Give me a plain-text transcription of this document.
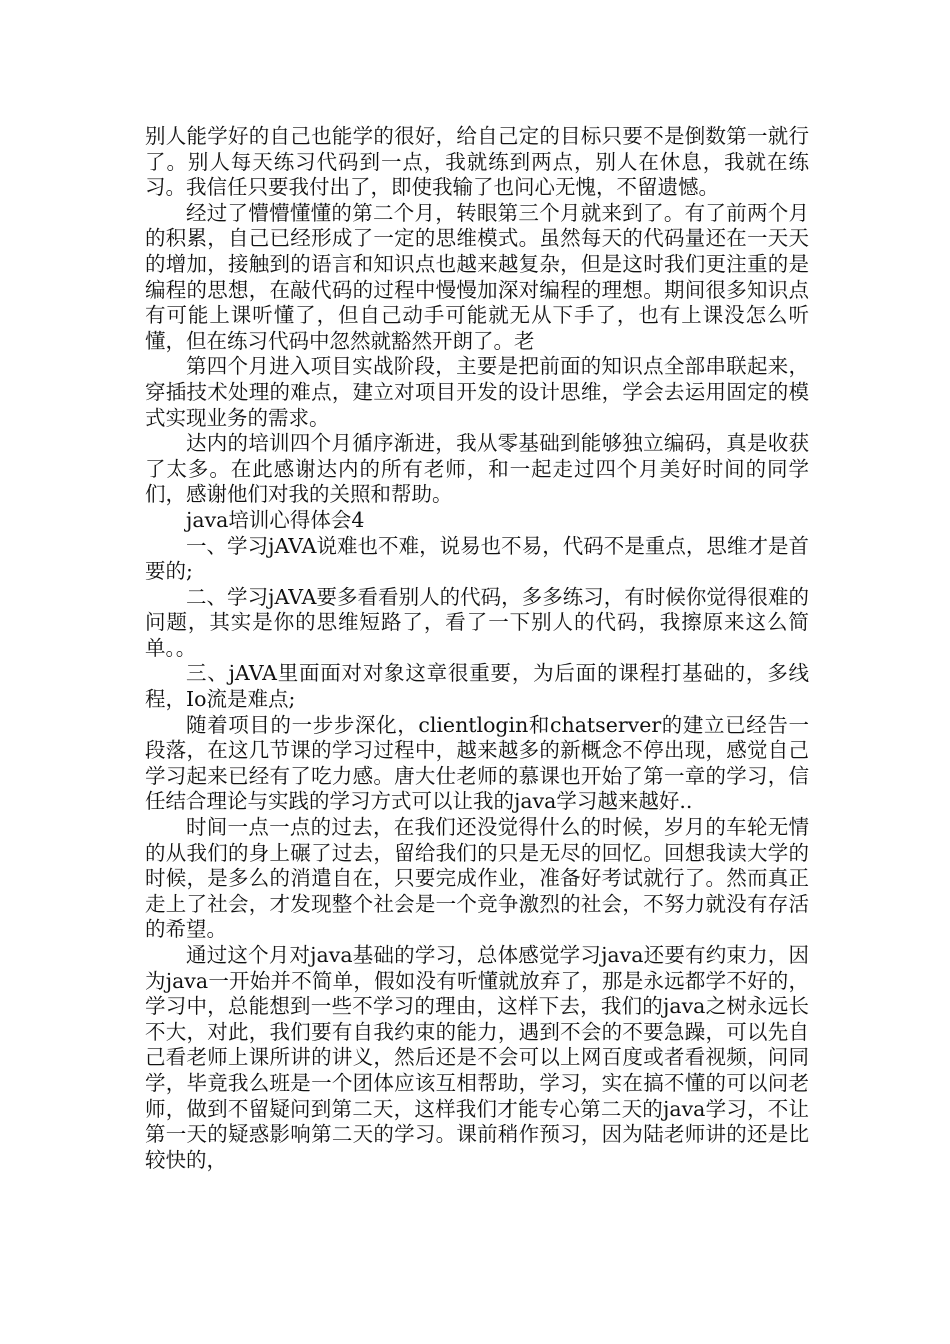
别人能学好的自己也能学的很好，给自己定的目标只要不是倒数第一就行了。别人每天练习代码到一点，我就练到两点，别人在休息，我就在练习。我信任只要我付出了，即使我输了也问心无愧，不留遗憾。

经过了懵懵懂懂的第二个月，转眼第三个月就来到了。有了前两个月的积累，自己已经形成了一定的思维模式。虽然每天的代码量还在一天天的增加，接触到的语言和知识点也越来越复杂，但是这时我们更注重的是编程的思想，在敲代码的过程中慢慢加深对编程的理想。期间很多知识点有可能上课听懂了，但自己动手可能就无从下手了，也有上课没怎么听懂，但在练习代码中忽然就豁然开朗了。老

第四个月进入项目实战阶段，主要是把前面的知识点全部串联起来，穿插技术处理的难点，建立对项目开发的设计思维，学会去运用固定的模式实现业务的需求。

达内的培训四个月循序渐进，我从零基础到能够独立编码，真是收获了太多。在此感谢达内的所有老师，和一起走过四个月美好时间的同学们，感谢他们对我的关照和帮助。

java培训心得体会4

一、学习jAVA说难也不难，说易也不易，代码不是重点，思维才是首要的;

二、学习jAVA要多看看别人的代码，多多练习，有时候你觉得很难的问题，其实是你的思维短路了，看了一下别人的代码，我擦原来这么简单。。

三、jAVA里面面对对象这章很重要，为后面的课程打基础的，多线程，Io流是难点;

随着项目的一步步深化，clientlogin和chatserver的建立已经告一段落，在这几节课的学习过程中，越来越多的新概念不停出现，感觉自己学习起来已经有了吃力感。唐大仕老师的慕课也开始了第一章的学习，信任结合理论与实践的学习方式可以让我的java学习越来越好..

时间一点一点的过去，在我们还没觉得什么的时候，岁月的车轮无情的从我们的身上碾了过去，留给我们的只是无尽的回忆。回想我读大学的时候，是多么的消遣自在，只要完成作业，准备好考试就行了。然而真正走上了社会，才发现整个社会是一个竞争激烈的社会，不努力就没有存活的希望。

通过这个月对java基础的学习，总体感觉学习java还要有约束力，因为java一开始并不简单，假如没有听懂就放弃了，那是永远都学不好的，学习中，总能想到一些不学习的理由，这样下去，我们的java之树永远长不大，对此，我们要有自我约束的能力，遇到不会的不要急躁，可以先自己看老师上课所讲的讲义，然后还是不会可以上网百度或者看视频，问同学，毕竟我么班是一个团体应该互相帮助，学习，实在搞不懂的可以问老师，做到不留疑问到第二天，这样我们才能专心第二天的java学习，不让第一天的疑惑影响第二天的学习。课前稍作预习，因为陆老师讲的还是比较快的，
